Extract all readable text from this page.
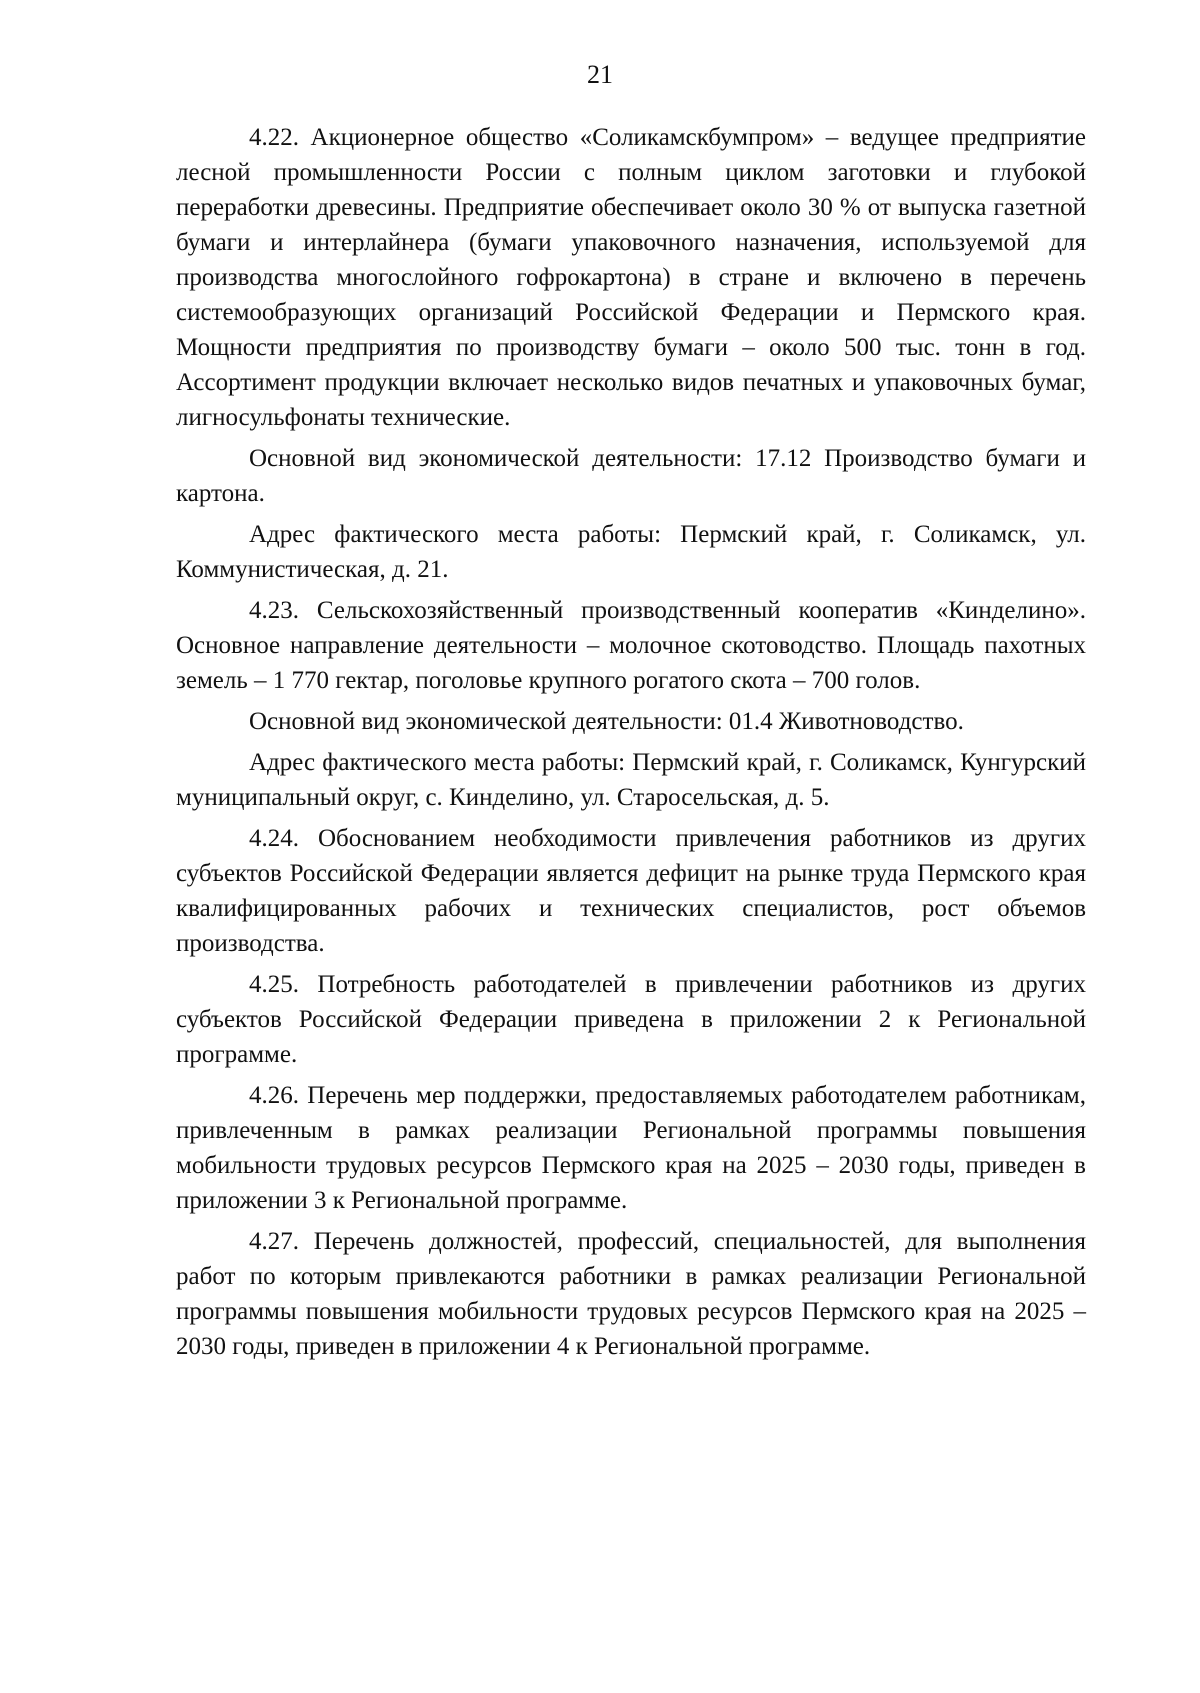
21

4.22. Акционерное общество «Соликамскбумпром» – ведущее предприятие лесной промышленности России с полным циклом заготовки и глубокой переработки древесины. Предприятие обеспечивает около 30 % от выпуска газетной бумаги и интерлайнера (бумаги упаковочного назначения, используемой для производства многослойного гофрокартона) в стране и включено в перечень системообразующих организаций Российской Федерации и Пермского края. Мощности предприятия по производству бумаги – около 500 тыс. тонн в год. Ассортимент продукции включает несколько видов печатных и упаковочных бумаг, лигносульфонаты технические.

Основной вид экономической деятельности: 17.12 Производство бумаги и картона.

Адрес фактического места работы: Пермский край, г. Соликамск, ул. Коммунистическая, д. 21.

4.23. Сельскохозяйственный производственный кооператив «Кинделино». Основное направление деятельности – молочное скотоводство. Площадь пахотных земель – 1 770 гектар, поголовье крупного рогатого скота – 700 голов.

Основной вид экономической деятельности: 01.4 Животноводство.

Адрес фактического места работы: Пермский край, г. Соликамск, Кунгурский муниципальный округ, с. Кинделино, ул. Старосельская, д. 5.

4.24. Обоснованием необходимости привлечения работников из других субъектов Российской Федерации является дефицит на рынке труда Пермского края квалифицированных рабочих и технических специалистов, рост объемов производства.

4.25. Потребность работодателей в привлечении работников из других субъектов Российской Федерации приведена в приложении 2 к Региональной программе.

4.26. Перечень мер поддержки, предоставляемых работодателем работникам, привлеченным в рамках реализации Региональной программы повышения мобильности трудовых ресурсов Пермского края на 2025 – 2030 годы, приведен в приложении 3 к Региональной программе.

4.27. Перечень должностей, профессий, специальностей, для выполнения работ по которым привлекаются работники в рамках реализации Региональной программы повышения мобильности трудовых ресурсов Пермского края на 2025 – 2030 годы, приведен в приложении 4 к Региональной программе.
